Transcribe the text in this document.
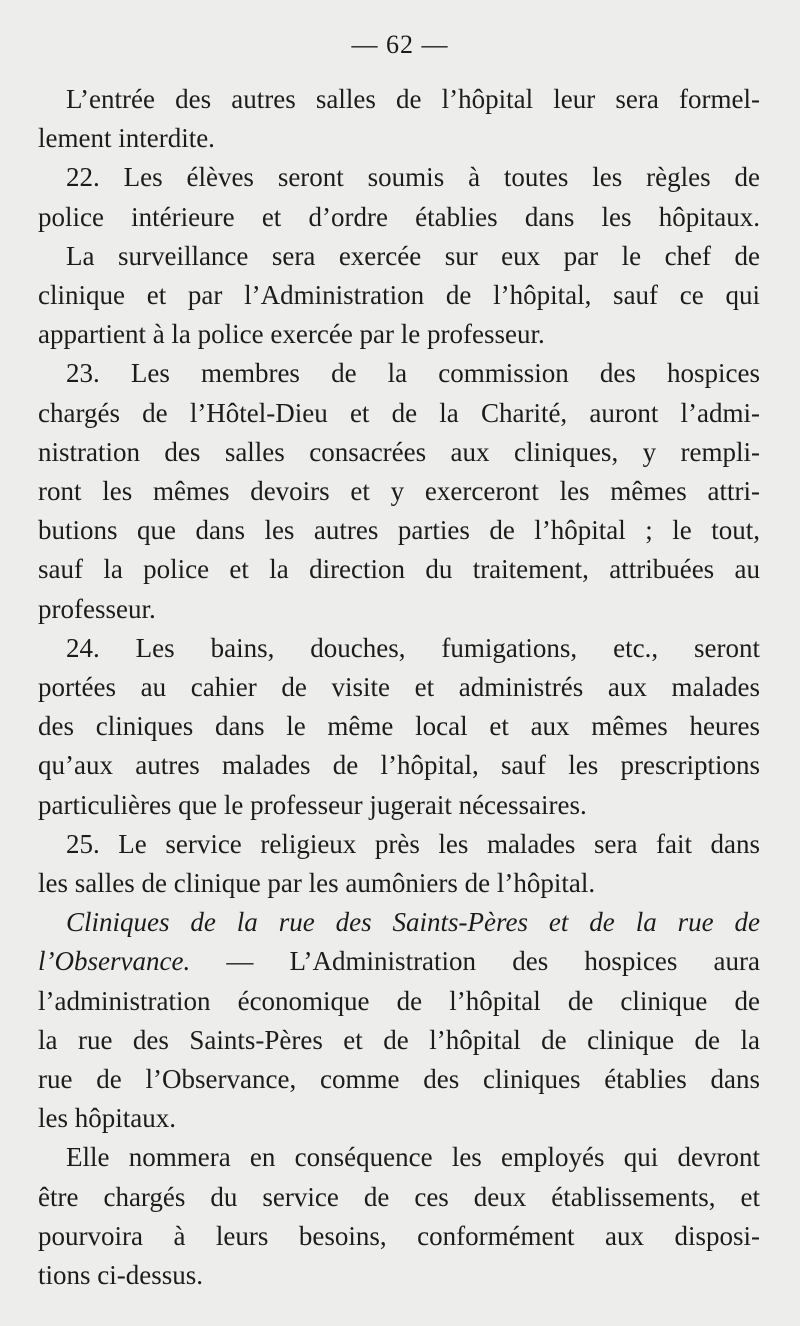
— 62 —
L’entrée des autres salles de l’hôpital leur sera formel-
lement interdite.
22. Les élèves seront soumis à toutes les règles de
police intérieure et d’ordre établies dans les hôpitaux.
La surveillance sera exercée sur eux par le chef de
clinique et par l’Administration de l’hôpital, sauf ce qui
appartient à la police exercée par le professeur.
23. Les membres de la commission des hospices
chargés de l’Hôtel-Dieu et de la Charité, auront l’admi-
nistration des salles consacrées aux cliniques, y rempli-
ront les mêmes devoirs et y exerceront les mêmes attri-
butions que dans les autres parties de l’hôpital ; le tout,
sauf la police et la direction du traitement, attribuées au
professeur.
24. Les bains, douches, fumigations, etc., seront
portées au cahier de visite et administrés aux malades
des cliniques dans le même local et aux mêmes heures
qu’aux autres malades de l’hôpital, sauf les prescriptions
particulières que le professeur jugerait nécessaires.
25. Le service religieux près les malades sera fait dans
les salles de clinique par les aumôniers de l’hôpital.
Cliniques de la rue des Saints-Pères et de la rue de
l’Observance. — L’Administration des hospices aura
l’administration économique de l’hôpital de clinique de
la rue des Saints-Pères et de l’hôpital de clinique de la
rue de l’Observance, comme des cliniques établies dans
les hôpitaux.
Elle nommera en conséquence les employés qui devront
être chargés du service de ces deux établissements, et
pourvoira à leurs besoins, conformément aux disposi-
tions ci-dessus.
